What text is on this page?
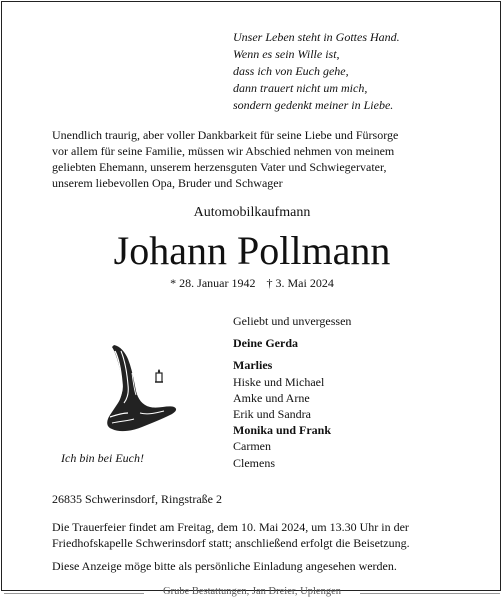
Unser Leben steht in Gottes Hand.
Wenn es sein Wille ist,
dass ich von Euch gehe,
dann trauert nicht um mich,
sondern gedenkt meiner in Liebe.
Unendlich traurig, aber voller Dankbarkeit für seine Liebe und Fürsorge
vor allem für seine Familie, müssen wir Abschied nehmen von meinem
geliebten Ehemann, unserem herzensguten Vater und Schwiegervater,
unserem liebevollen Opa, Bruder und Schwager
Automobilkaufmann
Johann Pollmann
* 28. Januar 1942 † 3. Mai 2024
Geliebt und unvergessen
Deine Gerda
Marlies
Hiske und Michael
Amke und Arne
Erik und Sandra
Monika und Frank
Carmen
Clemens
Ich bin bei Euch!
26835 Schwerinsdorf, Ringstraße 2
Die Trauerfeier findet am Freitag, dem 10. Mai 2024, um 13.30 Uhr in der
Friedhofskapelle Schwerinsdorf statt; anschließend erfolgt die Beisetzung.
Diese Anzeige möge bitte als persönliche Einladung angesehen werden.
Grube Bestattungen, Jan Dreier, Uplengen
